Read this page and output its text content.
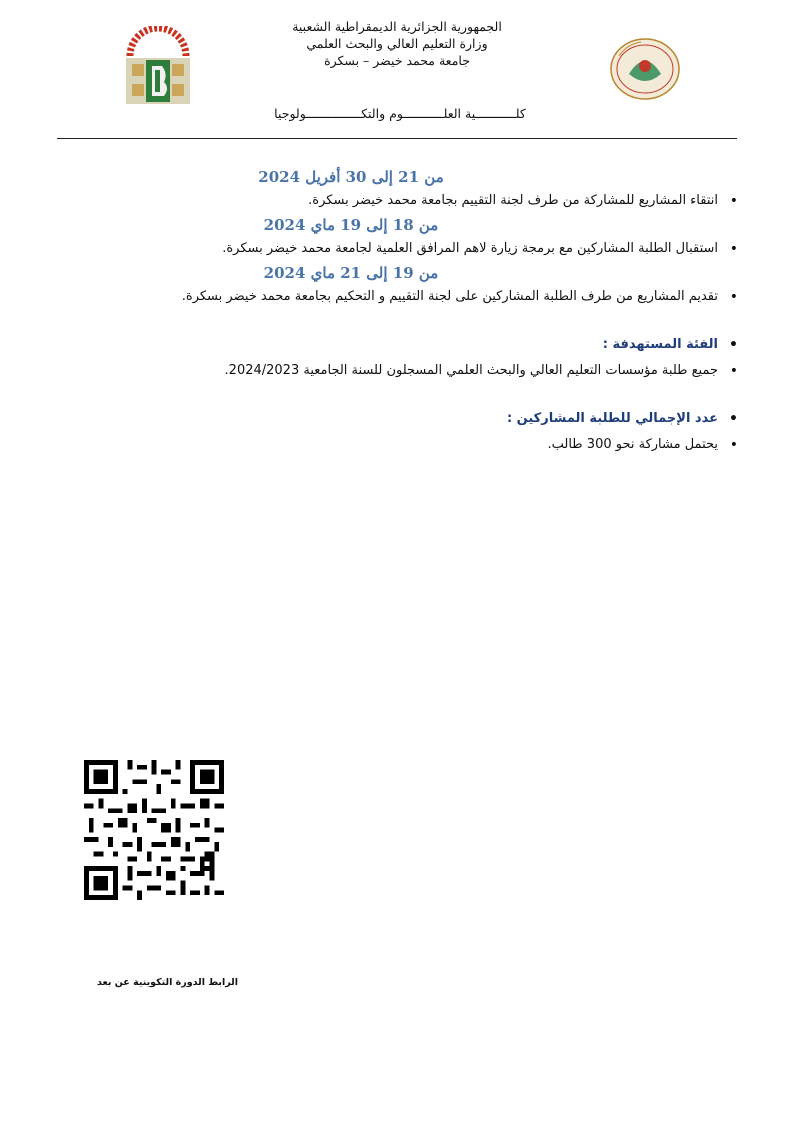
الجمهورية الجزائرية الديمقراطية الشعبية
وزارة التعليم العالي والبحث العلمي
جامعة محمد خيضر – بسكرة
كلـــــــــــية العلـــــــــــوم والتكـــــــــــــــولوجيا
من 21 إلى 30 أفريل 2024
• انتقاء المشاريع للمشاركة من طرف لجنة التقييم بجامعة محمد خيضر بسكرة.
من 18 إلى 19 ماي 2024
• استقبال الطلبة المشاركين مع برمجة زيارة لاهم المرافق العلمية لجامعة محمد خيضر بسكرة.
من 19 إلى 21 ماي 2024
• تقديم المشاريع من طرف الطلبة المشاركين على لجنة التقييم و التحكيم بجامعة محمد خيضر بسكرة.
• الفئة المستهدفة :
• جميع طلبة مؤسسات التعليم العالي والبحث العلمي المسجلون للسنة الجامعية 2024/2023.
• عدد الإجمالي للطلبة المشاركين :
• يحتمل مشاركة نحو 300 طالب.
الرابط الدورة التكوينية عن بعد
